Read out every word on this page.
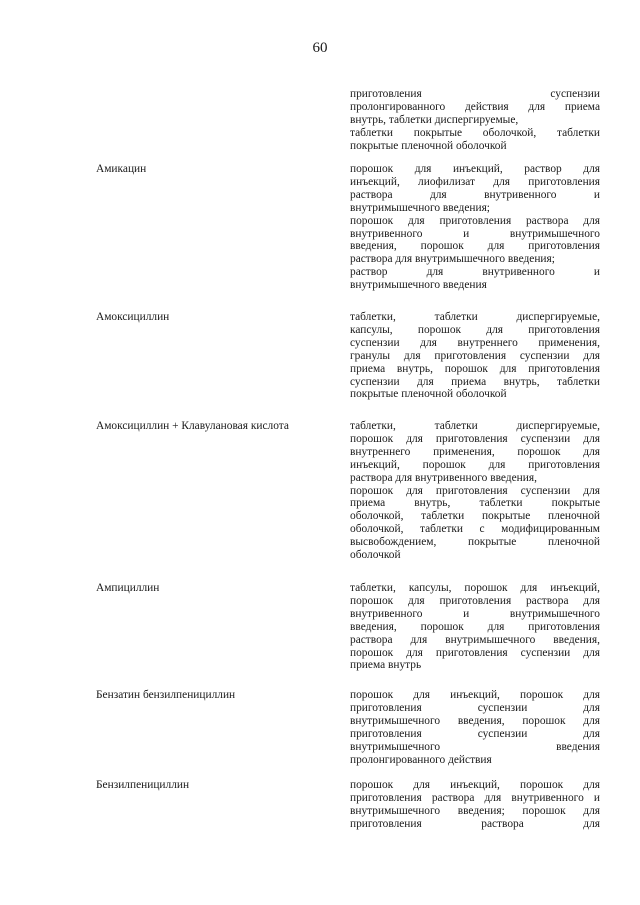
60
приготовления суспензии
пролонгированного действия для приема
внутрь, таблетки диспергируемые,
таблетки покрытые оболочкой, таблетки
покрытые пленочной оболочкой
Амикацин	порошок для инъекций, раствор для
инъекций, лиофилизат для приготовления
раствора для внутривенного и
внутримышечного введения;
порошок для приготовления раствора для
внутривенного и внутримышечного
введения, порошок для приготовления
раствора для внутримышечного введения;
раствор для внутривенного и
внутримышечного введения
Амоксициллин	таблетки, таблетки диспергируемые,
капсулы, порошок для приготовления
суспензии для внутреннего применения,
гранулы для приготовления суспензии для
приема внутрь, порошок для приготовления
суспензии для приема внутрь, таблетки
покрытые пленочной оболочкой
Амоксициллин + Клавулановая кислота	таблетки, таблетки диспергируемые,
порошок для приготовления суспензии для
внутреннего применения, порошок для
инъекций, порошок для приготовления
раствора для внутривенного введения,
порошок для приготовления суспензии для
приема внутрь, таблетки покрытые
оболочкой, таблетки покрытые пленочной
оболочкой, таблетки с модифицированным
высвобождением, покрытые пленочной
оболочкой
Ампициллин	таблетки, капсулы, порошок для инъекций,
порошок для приготовления раствора для
внутривенного и внутримышечного
введения, порошок для приготовления
раствора для внутримышечного введения,
порошок для приготовления суспензии для
приема внутрь
Бензатин бензилпенициллин	порошок для инъекций, порошок для
приготовления суспензии для
внутримышечного введения, порошок для
приготовления суспензии для
внутримышечного введения
пролонгированного действия
Бензилпенициллин	порошок для инъекций, порошок для
приготовления раствора для внутривенного и
внутримышечного введения; порошок для
приготовления раствора для
